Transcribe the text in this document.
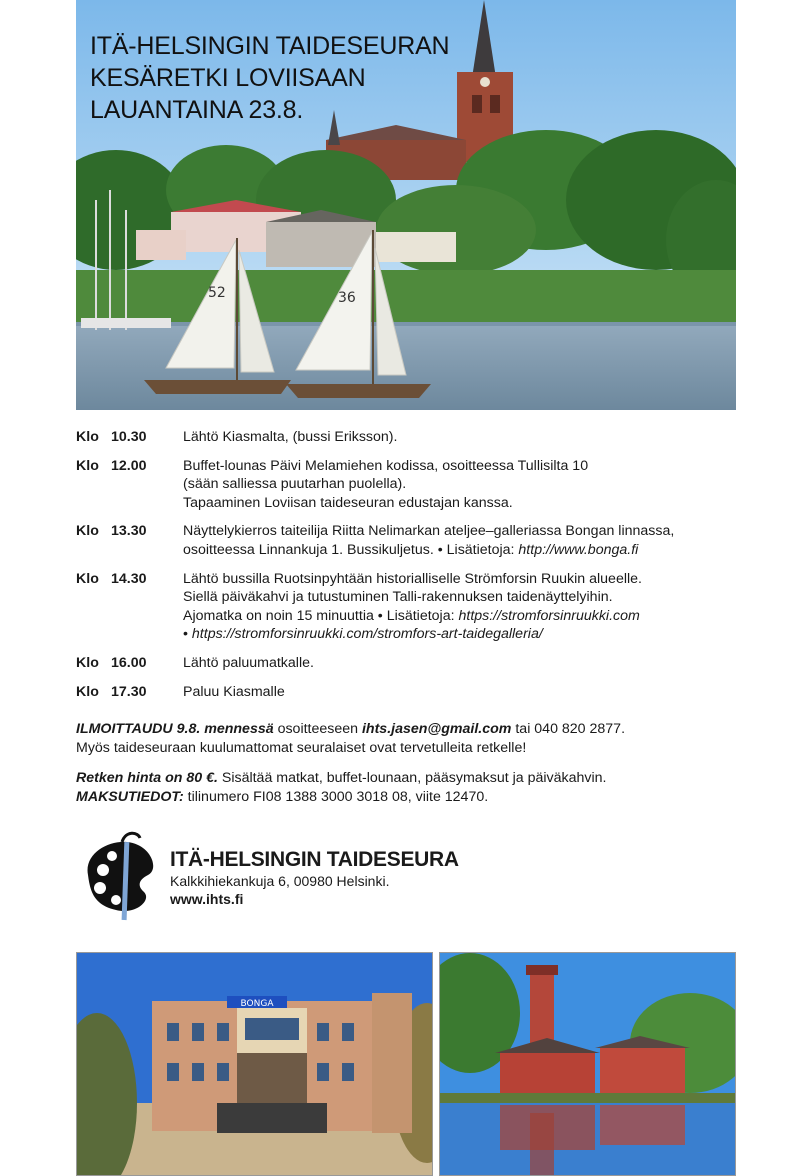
52	36
ITÄ-HELSINGIN TAIDESEURAN
KESÄRETKI LOVIISAAN
LAUANTAINA 23.8.
Klo 10.30	Lähtö Kiasmalta, (bussi Eriksson).
Klo 12.00	Buffet-lounas Päivi Melamiehen kodissa, osoitteessa Tullisilta 10
(sään salliessa puutarhan puolella).
Tapaaminen Loviisan taideseuran edustajan kanssa.
Klo 13.30	Näyttelykierros taiteilija Riitta Nelimarkan ateljee–galleriassa Bongan linnassa,
osoitteessa Linnankuja 1. Bussikuljetus. • Lisätietoja: http://www.bonga.fi
Klo 14.30	Lähtö bussilla Ruotsinpyhtään historialliselle Strömforsin Ruukin alueelle.
Siellä päiväkahvi ja tutustuminen Talli-rakennuksen taidenäyttelyihin.
Ajomatka on noin 15 minuuttia • Lisätietoja: https://stromforsinruukki.com
• https://stromforsinruukki.com/stromfors-art-taidegalleria/
Klo 16.00	Lähtö paluumatkalle.
Klo 17.30	Paluu Kiasmalle

ILMOITTAUDU 9.8. mennessä osoitteeseen ihts.jasen@gmail.com tai 040 820 2877.

Myös taideseuraan kuulumattomat seuralaiset ovat tervetulleita retkelle!

Retken hinta on 80 €. Sisältää matkat, buffet-lounaan, pääsymaksut ja päiväkahvin.

MAKSUTIEDOT: tilinumero FI08 1388 3000 3018 08, viite 12470.

ITÄ-HELSINGIN TAIDESEURA
Kalkkihiekankuja 6, 00980 Helsinki.
www.ihts.fi
BONGA
